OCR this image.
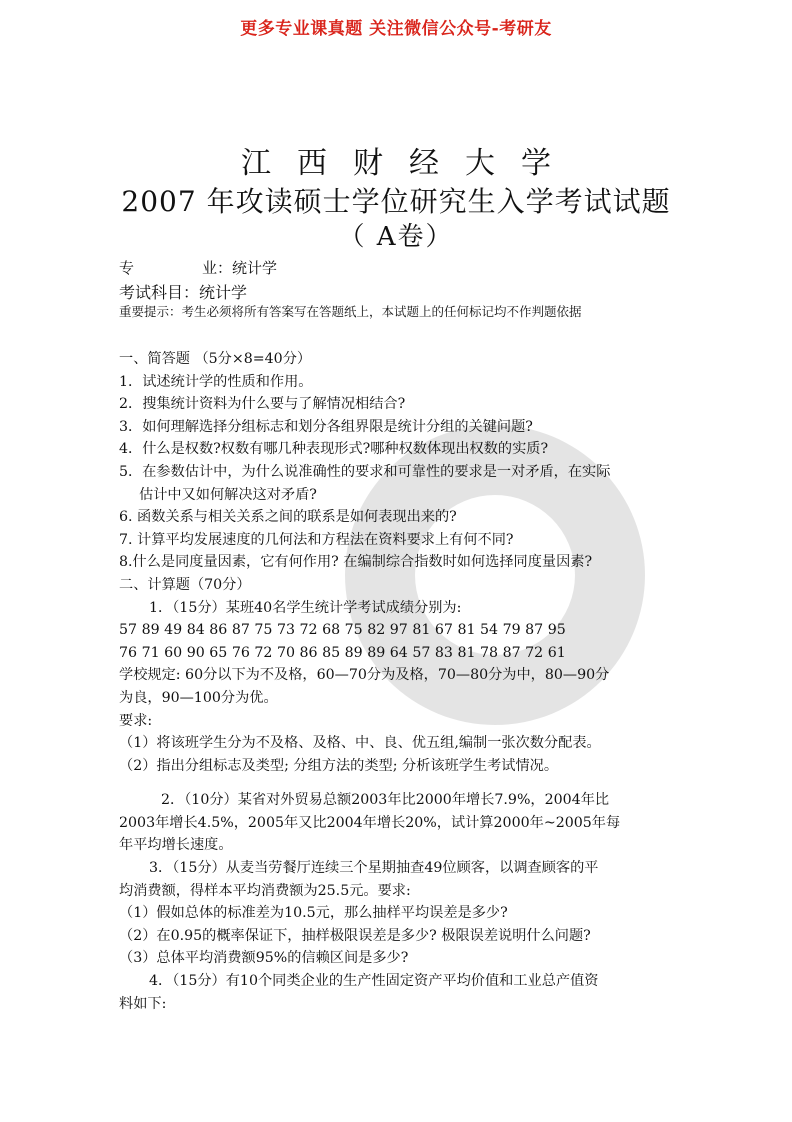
更多专业课真题 关注微信公众号-考研友
江西财经大学
2007 年攻读硕士学位研究生入学考试试题
（ A卷）
专	业：统计学
考试科目：统计学
重要提示：考生必须将所有答案写在答题纸上，本试题上的任何标记均不作判题依据

一、简答题 （5分×8=40分）

1．试述统计学的性质和作用。

2．搜集统计资料为什么要与了解情况相结合?

3．如何理解选择分组标志和划分各组界限是统计分组的关键问题?

4．什么是权数?权数有哪几种表现形式?哪种权数体现出权数的实质?

5．在参数估计中，为什么说准确性的要求和可靠性的要求是一对矛盾，在实际

估计中又如何解决这对矛盾?

6. 函数关系与相关关系之间的联系是如何表现出来的?

7. 计算平均发展速度的几何法和方程法在资料要求上有何不同?

8.什么是同度量因素，它有何作用? 在编制综合指数时如何选择同度量因素?

二、计算题（70分）

1．（15分）某班40名学生统计学考试成绩分别为:

57 89 49 84 86 87 75 73 72 68 75 82 97 81 67 81 54 79 87 95

76 71 60 90 65 76 72 70 86 85 89 89 64 57 83 81 78 87 72 61

学校规定: 60分以下为不及格，60—70分为及格，70—80分为中，80—90分

为良，90—100分为优。

要求:

（1）将该班学生分为不及格、及格、中、良、优五组,编制一张次数分配表。

（2）指出分组标志及类型; 分组方法的类型; 分析该班学生考试情况。

2．（10分）某省对外贸易总额2003年比2000年增长7.9%，2004年比

2003年增长4.5%，2005年又比2004年增长20%，试计算2000年~2005年每

年平均增长速度。

3．（15分）从麦当劳餐厅连续三个星期抽查49位顾客，以调查顾客的平

均消费额，得样本平均消费额为25.5元。要求:

（1）假如总体的标准差为10.5元，那么抽样平均误差是多少?

（2）在0.95的概率保证下，抽样极限误差是多少? 极限误差说明什么问题?

（3）总体平均消费额95%的信赖区间是多少?

4．（15分）有10个同类企业的生产性固定资产平均价值和工业总产值资

料如下:
